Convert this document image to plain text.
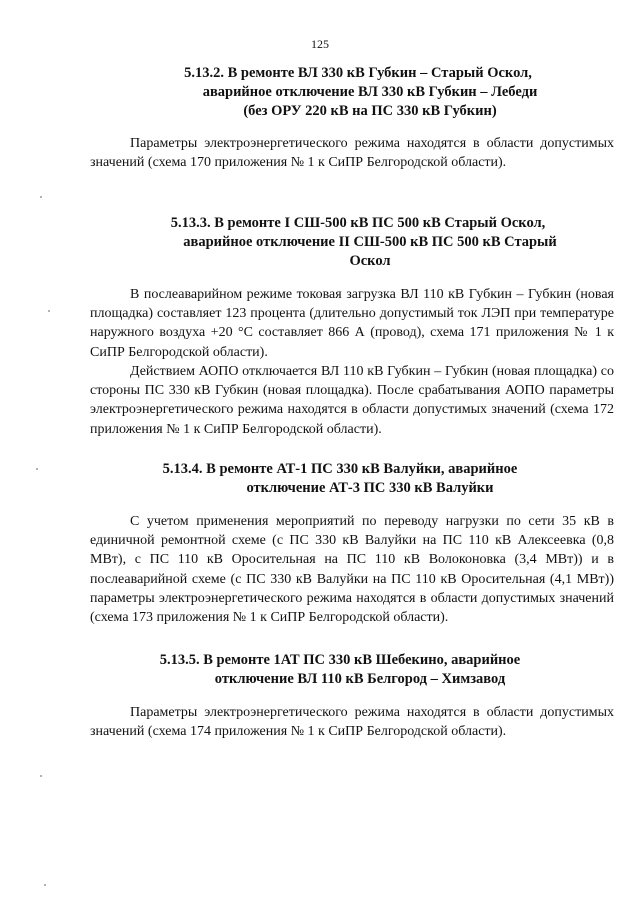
125
5.13.2. В ремонте ВЛ 330 кВ Губкин – Старый Оскол,
аварийное отключение ВЛ 330 кВ Губкин – Лебеди
(без ОРУ 220 кВ на ПС 330 кВ Губкин)

Параметры электроэнергетического режима находятся в области допустимых значений (схема 170 приложения № 1 к СиПР Белгородской области).

5.13.3. В ремонте I СШ-500 кВ ПС 500 кВ Старый Оскол,
аварийное отключение II СШ-500 кВ ПС 500 кВ Старый
Оскол

В послеаварийном режиме токовая загрузка ВЛ 110 кВ Губкин – Губкин (новая площадка) составляет 123 процента (длительно допустимый ток ЛЭП при температуре наружного воздуха +20 °С составляет 866 А (провод), схема 171 приложения № 1 к СиПР Белгородской области).

Действием АОПО отключается ВЛ 110 кВ Губкин – Губкин (новая площадка) со стороны ПС 330 кВ Губкин (новая площадка). После срабатывания АОПО параметры электроэнергетического режима находятся в области допустимых значений (схема 172 приложения № 1 к СиПР Белгородской области).

5.13.4. В ремонте АТ-1 ПС 330 кВ Валуйки, аварийное
отключение АТ-3 ПС 330 кВ Валуйки

С учетом применения мероприятий по переводу нагрузки по сети 35 кВ в единичной ремонтной схеме (с ПС 330 кВ Валуйки на ПС 110 кВ Алексеевка (0,8 МВт), с ПС 110 кВ Оросительная на ПС 110 кВ Волоконовка (3,4 МВт)) и в послеаварийной схеме (с ПС 330 кВ Валуйки на ПС 110 кВ Оросительная (4,1 МВт)) параметры электроэнергетического режима находятся в области допустимых значений (схема 173 приложения № 1 к СиПР Белгородской области).

5.13.5. В ремонте 1АТ ПС 330 кВ Шебекино, аварийное
отключение ВЛ 110 кВ Белгород – Химзавод

Параметры электроэнергетического режима находятся в области допустимых значений (схема 174 приложения № 1 к СиПР Белгородской области).
